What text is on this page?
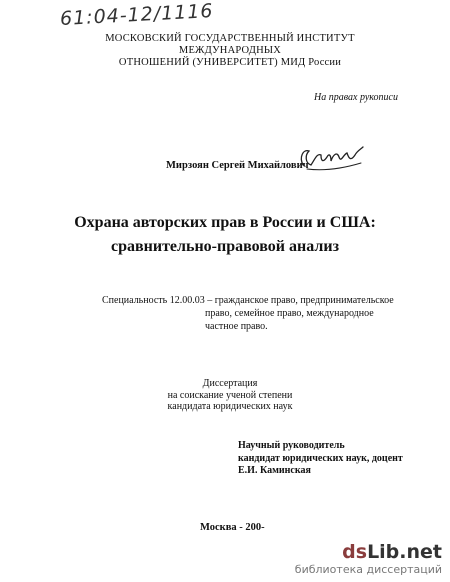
61:04-12/1116
МОСКОВСКИЙ ГОСУДАРСТВЕННЫЙ ИНСТИТУТ МЕЖДУНАРОДНЫХ
ОТНОШЕНИЙ (УНИВЕРСИТЕТ) МИД России
На правах рукописи
Мирзоян Сергей Михайлович
Охрана авторских прав в России и США:
сравнительно-правовой анализ
Специальность 12.00.03 – гражданское право, предпринимательское
право, семейное право, международное
частное право.
Диссертация
на соискание ученой степени
кандидата юридических наук
Научный руководитель
кандидат юридических наук, доцент
Е.И. Каминская
Москва - 200-
dsLib.net
библиотека диссертаций
